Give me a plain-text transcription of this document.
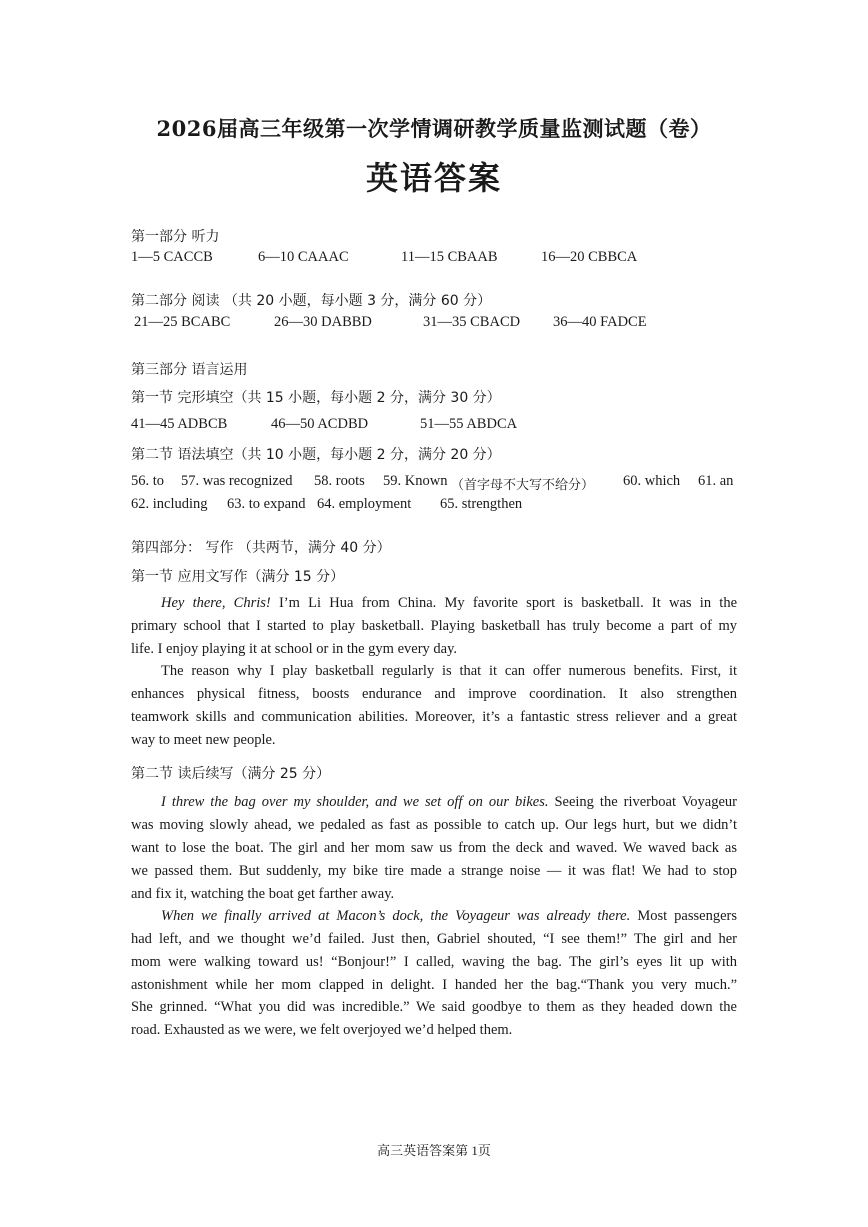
2026届高三年级第一次学情调研教学质量监测试题（卷）
英语答案
第一部分 听力
1—5 CACCB	6—10 CAAAC	11—15 CBAAB	16—20 CBBCA
第二部分 阅读 （共 20 小题，每小题 3 分，满分 60 分）
21—25 BCABC	26—30 DABBD	31—35 CBACD 36—40 FADCE
第三部分 语言运用
第一节 完形填空（共 15 小题，每小题 2 分，满分 30 分）
41—45 ADBCB	46—50 ACDBD	51—55 ABDCA
第二节 语法填空（共 10 小题，每小题 2 分，满分 20 分）
56. to 57. was recognized 58. roots 59. Known （首字母不大写不给分） 60. which 61. an
62. including 63. to expand 64. employment 65. strengthen
第四部分： 写作 （共两节，满分 40 分）
第一节 应用文写作（满分 15 分）
Hey there, Chris! I’m Li Hua from China. My favorite sport is basketball. It was in the
primary school that I started to play basketball. Playing basketball has truly become a part of my
life. I enjoy playing it at school or in the gym every day.
The reason why I play basketball regularly is that it can offer numerous benefits. First, it
enhances physical fitness, boosts endurance and improve coordination. It also strengthen
teamwork skills and communication abilities. Moreover, it’s a fantastic stress reliever and a great
way to meet new people.
第二节 读后续写（满分 25 分）
I threw the bag over my shoulder, and we set off on our bikes. Seeing the riverboat Voyageur
was moving slowly ahead, we pedaled as fast as possible to catch up. Our legs hurt, but we didn’t
want to lose the boat. The girl and her mom saw us from the deck and waved. We waved back as
we passed them. But suddenly, my bike tire made a strange noise — it was flat! We had to stop
and fix it, watching the boat get farther away.
When we finally arrived at Macon’s dock, the Voyageur was already there. Most passengers
had left, and we thought we’d failed. Just then, Gabriel shouted, “I see them!” The girl and her
mom were walking toward us! “Bonjour!” I called, waving the bag. The girl’s eyes lit up with
astonishment while her mom clapped in delight. I handed her the bag.“Thank you very much.”
She grinned. “What you did was incredible.” We said goodbye to them as they headed down the
road. Exhausted as we were, we felt overjoyed we’d helped them.
高三英语答案第 1页
